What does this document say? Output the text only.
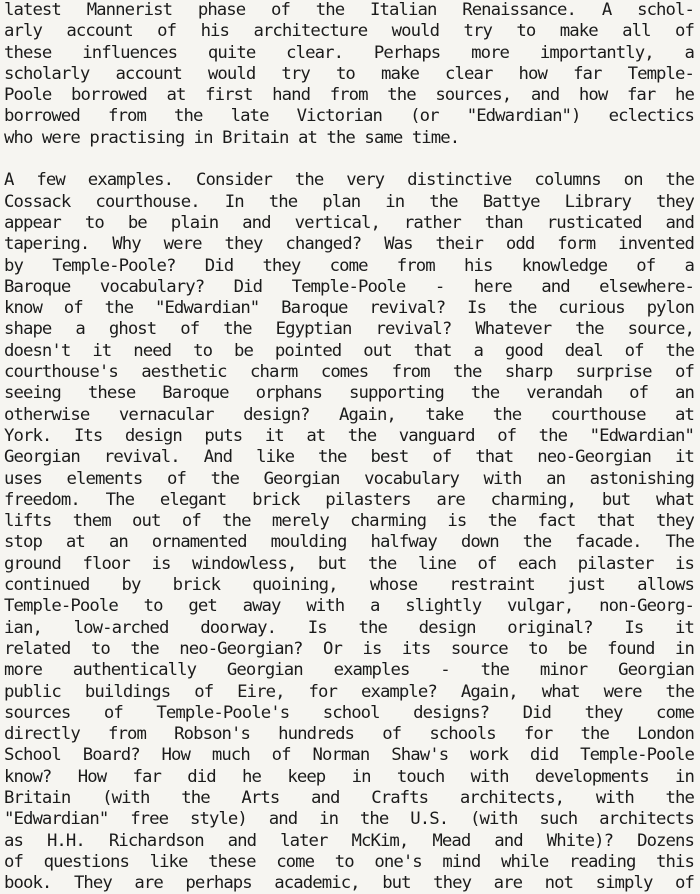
latest Mannerist phase of the Italian Renaissance. A schol-
arly account of his architecture would try to make all of
these influences quite clear. Perhaps more importantly, a
scholarly account would try to make clear how far Temple-
Poole borrowed at first hand from the sources, and how far he
borrowed from the late Victorian (or "Edwardian") eclectics
who were practising in Britain at the same time.
A few examples. Consider the very distinctive columns on the
Cossack courthouse. In the plan in the Battye Library they
appear to be plain and vertical, rather than rusticated and
tapering. Why were they changed? Was their odd form invented
by Temple-Poole? Did they come from his knowledge of a
Baroque vocabulary? Did Temple-Poole - here and elsewhere-
know of the "Edwardian" Baroque revival? Is the curious pylon
shape a ghost of the Egyptian revival? Whatever the source,
doesn't it need to be pointed out that a good deal of the
courthouse's aesthetic charm comes from the sharp surprise of
seeing these Baroque orphans supporting the verandah of an
otherwise vernacular design? Again, take the courthouse at
York. Its design puts it at the vanguard of the "Edwardian"
Georgian revival. And like the best of that neo-Georgian it
uses elements of the Georgian vocabulary with an astonishing
freedom. The elegant brick pilasters are charming, but what
lifts them out of the merely charming is the fact that they
stop at an ornamented moulding halfway down the facade. The
ground floor is windowless, but the line of each pilaster is
continued by brick quoining, whose restraint just allows
Temple-Poole to get away with a slightly vulgar, non-Georg-
ian, low-arched doorway. Is the design original? Is it
related to the neo-Georgian? Or is its source to be found in
more authentically Georgian examples - the minor Georgian
public buildings of Eire, for example? Again, what were the
sources of Temple-Poole's school designs? Did they come
directly from Robson's hundreds of schools for the London
School Board? How much of Norman Shaw's work did Temple-Poole
know? How far did he keep in touch with developments in
Britain (with the Arts and Crafts architects, with the
"Edwardian" free style) and in the U.S. (with such architects
as H.H. Richardson and later McKim, Mead and White)? Dozens
of questions like these come to one's mind while reading this
book. They are perhaps academic, but they are not simply of
